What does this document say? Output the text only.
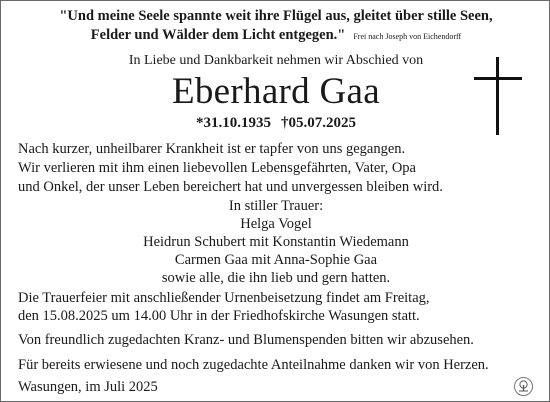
"Und meine Seele spannte weit ihre Flügel aus, gleitet über stille Seen,
Felder und Wälder dem Licht entgegen." Frei nach Joseph von Eichendorff
In Liebe und Dankbarkeit nehmen wir Abschied von
Eberhard Gaa
*31.10.1935 †05.07.2025
Nach kurzer, unheilbarer Krankheit ist er tapfer von uns gegangen.
Wir verlieren mit ihm einen liebevollen Lebensgefährten, Vater, Opa
und Onkel, der unser Leben bereichert hat und unvergessen bleiben wird.
In stiller Trauer:
Helga Vogel
Heidrun Schubert mit Konstantin Wiedemann
Carmen Gaa mit Anna-Sophie Gaa
sowie alle, die ihn lieb und gern hatten.
Die Trauerfeier mit anschließender Urnenbeisetzung findet am Freitag,
den 15.08.2025 um 14.00 Uhr in der Friedhofskirche Wasungen statt.
Von freundlich zugedachten Kranz- und Blumenspenden bitten wir abzusehen.
Für bereits erwiesene und noch zugedachte Anteilnahme danken wir von Herzen.
Wasungen, im Juli 2025
